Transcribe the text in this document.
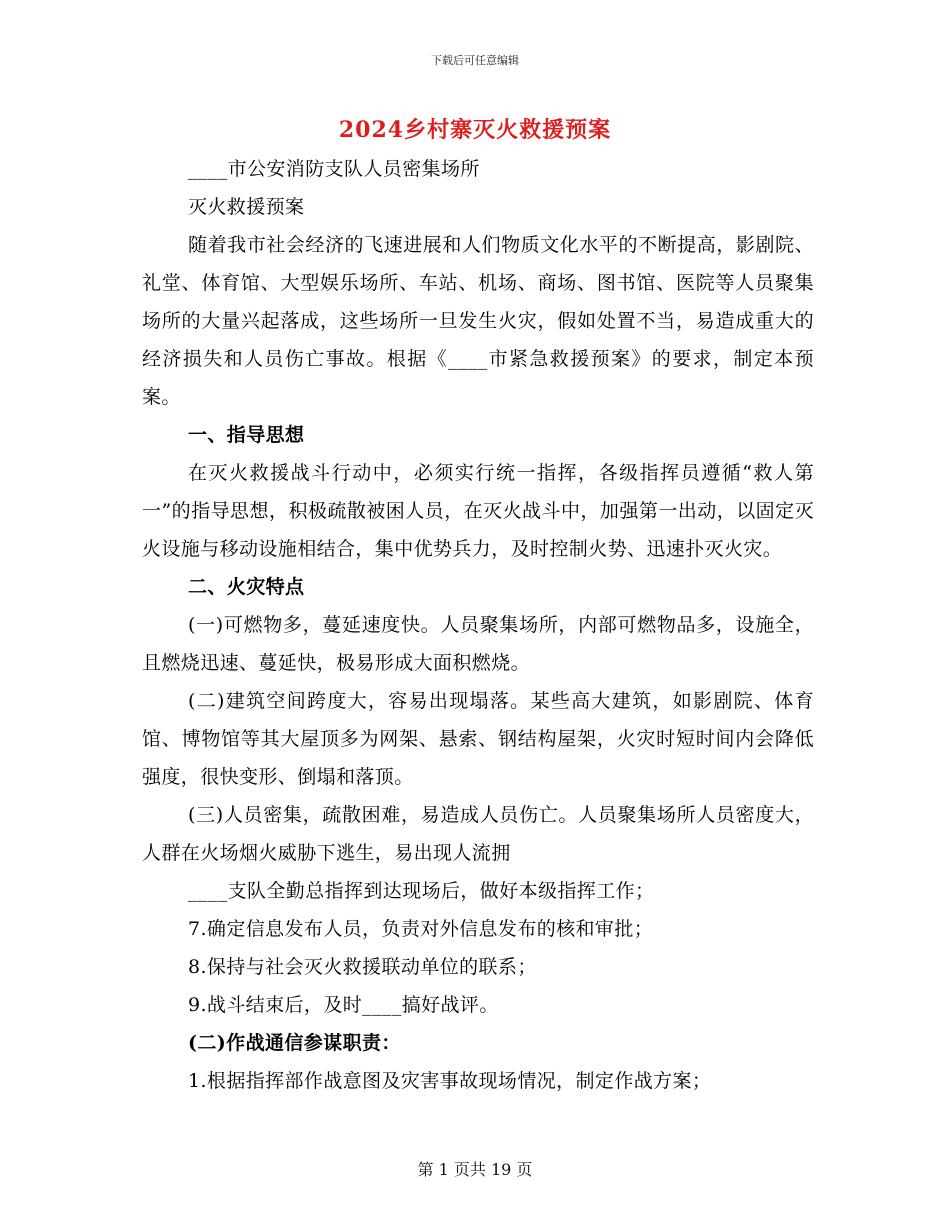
下载后可任意编辑
2024乡村寨灭火救援预案

____市公安消防支队人员密集场所

灭火救援预案

随着我市社会经济的飞速进展和人们物质文化水平的不断提高，影剧院、礼堂、体育馆、大型娱乐场所、车站、机场、商场、图书馆、医院等人员聚集场所的大量兴起落成，这些场所一旦发生火灾，假如处置不当，易造成重大的经济损失和人员伤亡事故。根据《____市紧急救援预案》的要求，制定本预案。

一、指导思想

在灭火救援战斗行动中，必须实行统一指挥，各级指挥员遵循“救人第一”的指导思想，积极疏散被困人员，在灭火战斗中，加强第一出动，以固定灭火设施与移动设施相结合，集中优势兵力，及时控制火势、迅速扑灭火灾。

二、火灾特点

(一)可燃物多，蔓延速度快。人员聚集场所，内部可燃物品多，设施全，且燃烧迅速、蔓延快，极易形成大面积燃烧。

(二)建筑空间跨度大，容易出现塌落。某些高大建筑，如影剧院、体育馆、博物馆等其大屋顶多为网架、悬索、钢结构屋架，火灾时短时间内会降低强度，很快变形、倒塌和落顶。

(三)人员密集，疏散困难，易造成人员伤亡。人员聚集场所人员密度大，人群在火场烟火威胁下逃生，易出现人流拥

____支队全勤总指挥到达现场后，做好本级指挥工作；

7.确定信息发布人员，负责对外信息发布的核和审批；

8.保持与社会灭火救援联动单位的联系；

9.战斗结束后，及时____搞好战评。

(二)作战通信参谋职责：

1.根据指挥部作战意图及灾害事故现场情况，制定作战方案；

第 1 页共 19 页
